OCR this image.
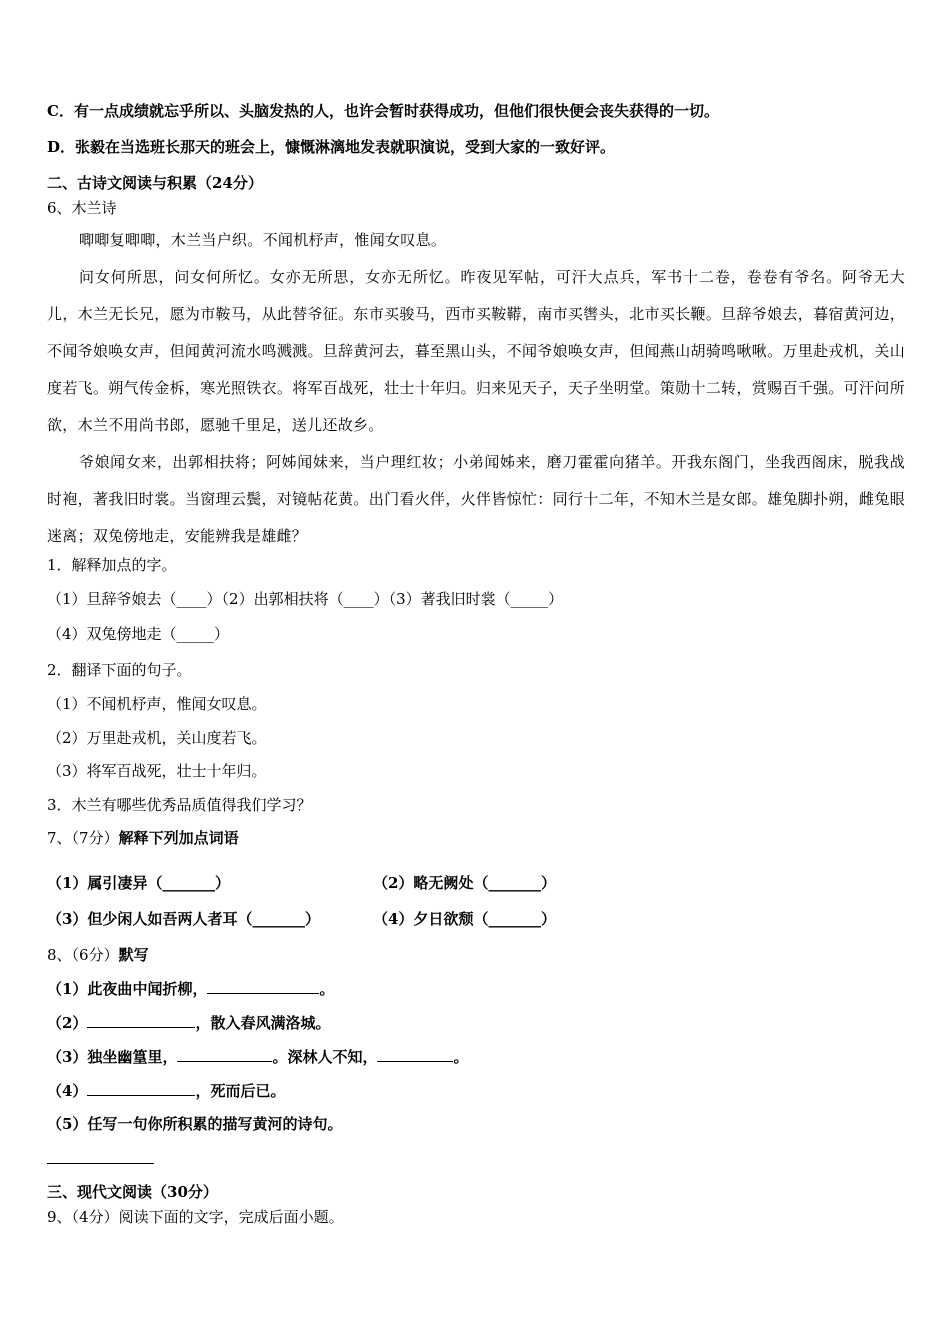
C．有一点成绩就忘乎所以、头脑发热的人，也许会暂时获得成功，但他们很快便会丧失获得的一切。
D．张毅在当选班长那天的班会上，慷慨淋漓地发表就职演说，受到大家的一致好评。
二、古诗文阅读与积累（24分）
6、木兰诗

唧唧复唧唧，木兰当户织。不闻机杼声，惟闻女叹息。

问女何所思，问女何所忆。女亦无所思，女亦无所忆。昨夜见军帖，可汗大点兵，军书十二卷，卷卷有爷名。阿爷无大儿，木兰无长兄，愿为市鞍马，从此替爷征。东市买骏马，西市买鞍鞯，南市买辔头，北市买长鞭。旦辞爷娘去，暮宿黄河边，不闻爷娘唤女声，但闻黄河流水鸣溅溅。旦辞黄河去，暮至黑山头，不闻爷娘唤女声，但闻燕山胡骑鸣啾啾。万里赴戎机，关山度若飞。朔气传金柝，寒光照铁衣。将军百战死，壮士十年归。归来见天子，天子坐明堂。策勋十二转，赏赐百千强。可汗问所欲，木兰不用尚书郎，愿驰千里足，送儿还故乡。

爷娘闻女来，出郭相扶将；阿姊闻妹来，当户理红妆；小弟闻姊来，磨刀霍霍向猪羊。开我东阁门，坐我西阁床，脱我战时袍，著我旧时裳。当窗理云鬓，对镜帖花黄。出门看火伴，火伴皆惊忙：同行十二年，不知木兰是女郎。雄兔脚扑朔，雌兔眼迷离；双兔傍地走，安能辨我是雄雌？

1．解释加点的字。
（1）旦辞爷娘去（____）（2）出郭相扶将（____）（3）著我旧时裳（_____）
（4）双兔傍地走（_____）
2．翻译下面的句子。
（1）不闻机杼声，惟闻女叹息。
（2）万里赴戎机，关山度若飞。
（3）将军百战死，壮士十年归。
3．木兰有哪些优秀品质值得我们学习？
7、（7分）解释下列加点词语
（1）属引凄异（_______）	（2）略无阙处（_______）
（3）但少闲人如吾两人者耳（_______）	（4）夕日欲颓（_______）
8、（6分）默写
（1）此夜曲中闻折柳，	。
（2）	，散入春风满洛城。
（3）独坐幽篁里，	。深林人不知，	。
（4）	，死而后已。
（5）任写一句你所积累的描写黄河的诗句。
三、现代文阅读（30分）
9、（4分）阅读下面的文字，完成后面小题。
